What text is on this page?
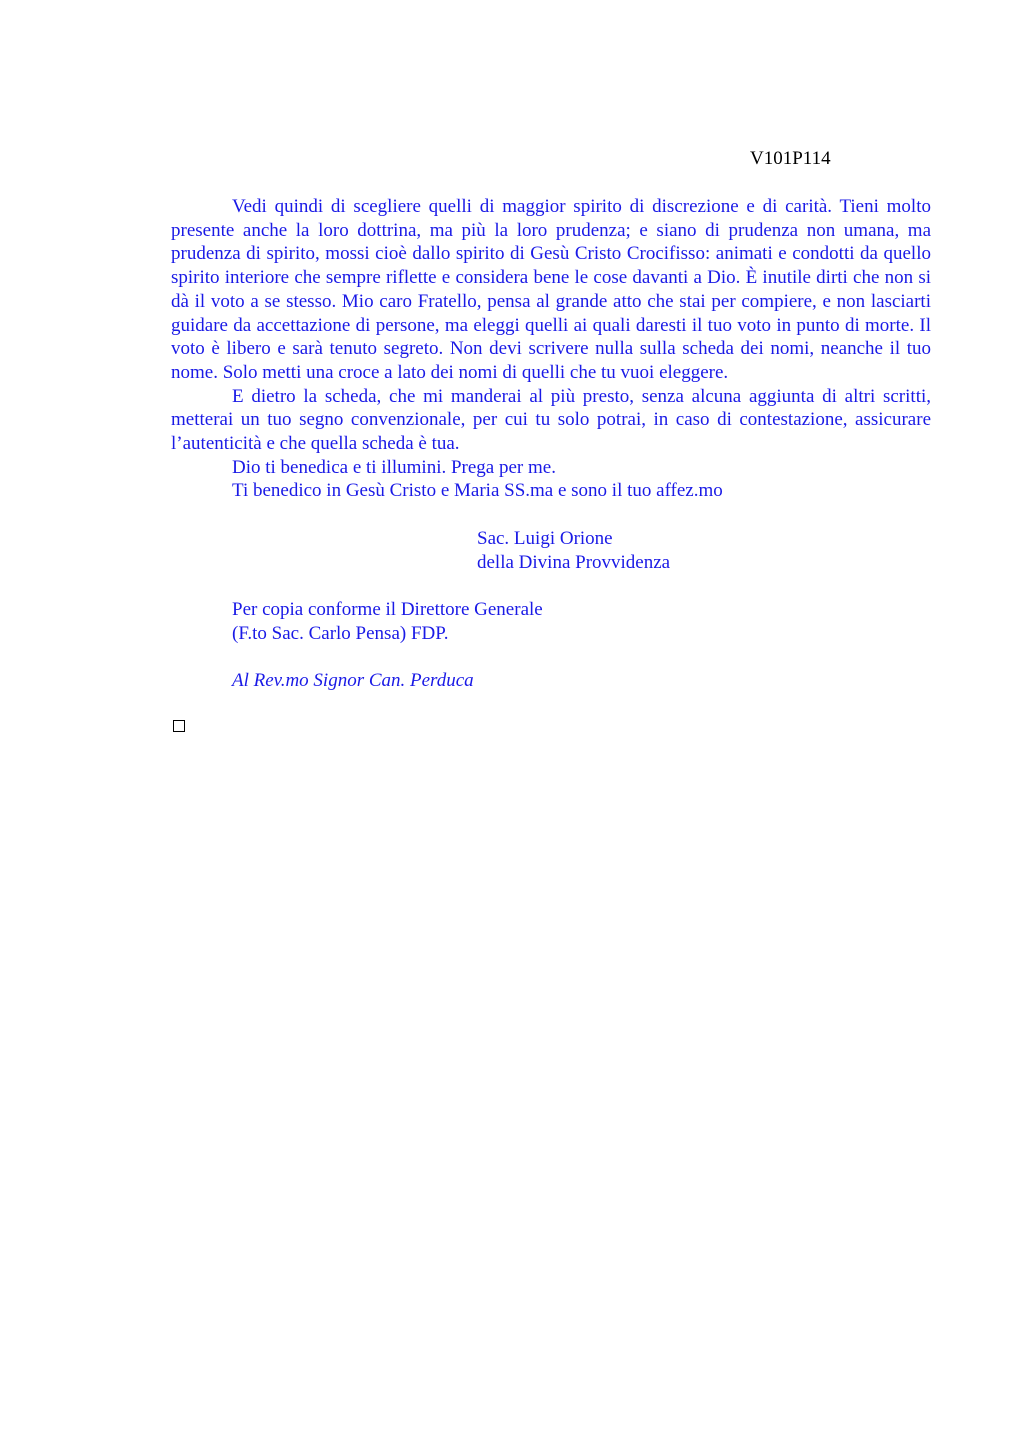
V101P114

Vedi quindi di scegliere quelli di maggior spirito di discrezione e di carità. Tieni molto presente anche la loro dottrina, ma più la loro prudenza; e siano di prudenza non umana, ma prudenza di spirito, mossi cioè dallo spirito di Gesù Cristo Crocifisso: animati e condotti da quello spirito interiore che sempre riflette e considera bene le cose davanti a Dio. È inutile dirti che non si dà il voto a se stesso. Mio caro Fratello, pensa al grande atto che stai per compiere, e non lasciarti guidare da accettazione di persone, ma eleggi quelli ai quali daresti il tuo voto in punto di morte. Il voto è libero e sarà tenuto segreto. Non devi scrivere nulla sulla scheda dei nomi, neanche il tuo nome. Solo metti una croce a lato dei nomi di quelli che tu vuoi eleggere.

E dietro la scheda, che mi manderai al più presto, senza alcuna aggiunta di altri scritti, metterai un tuo segno convenzionale, per cui tu solo potrai, in caso di contestazione, assicurare l’autenticità e che quella scheda è tua.

Dio ti benedica e ti illumini. Prega per me.

Ti benedico in Gesù Cristo e Maria SS.ma e sono il tuo affez.mo

Sac. Luigi Orione

della Divina Provvidenza

Per copia conforme il Direttore Generale

(F.to Sac. Carlo Pensa) FDP.

Al Rev.mo Signor Can. Perduca
